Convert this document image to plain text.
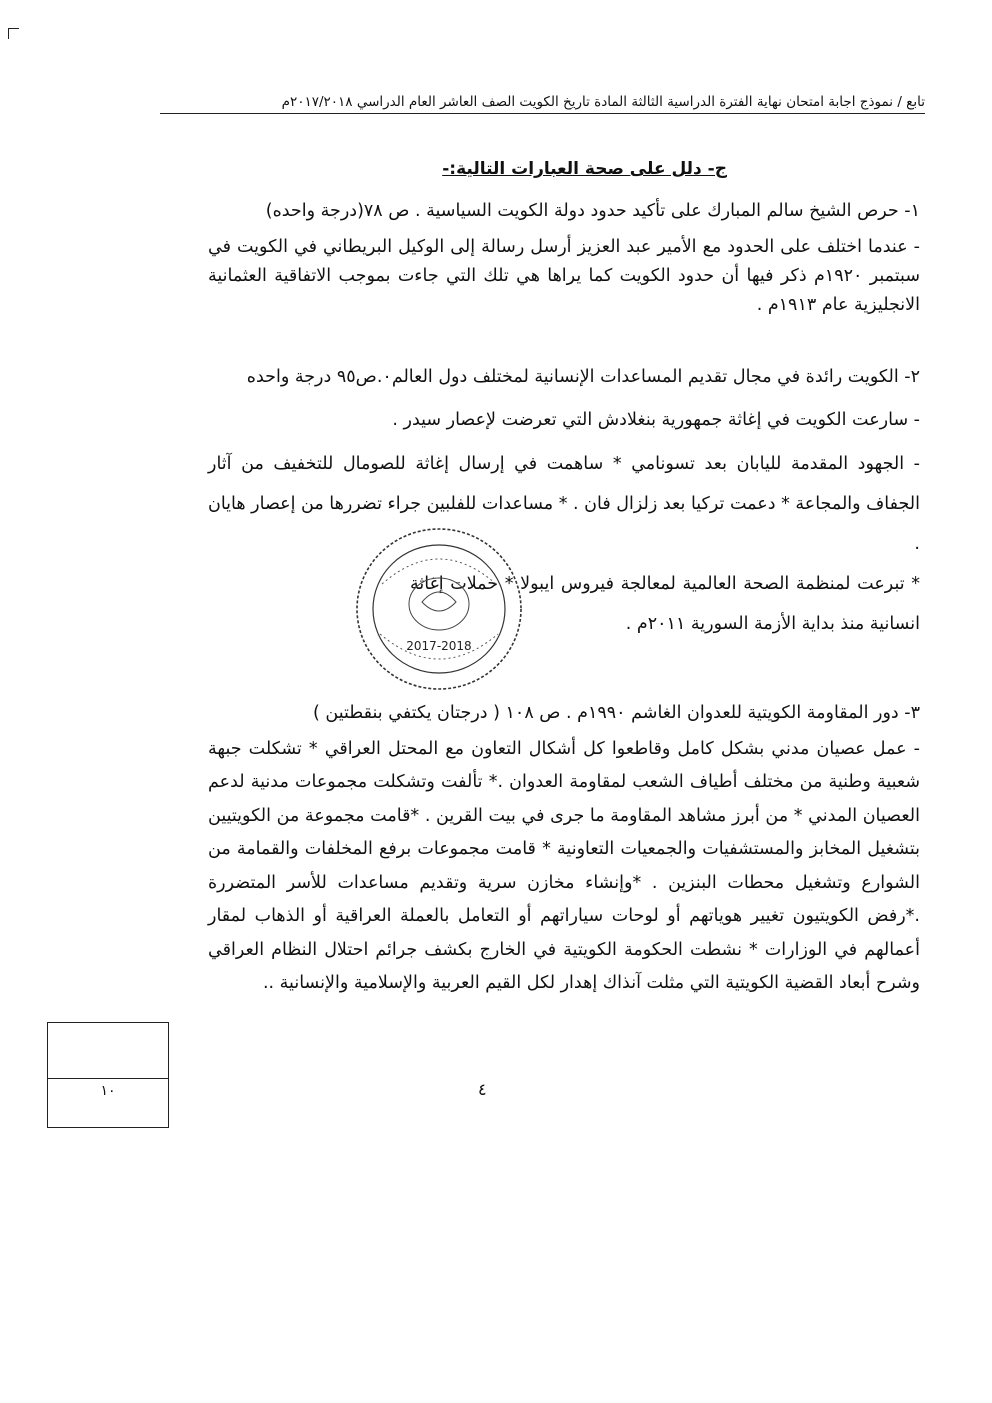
تابع / نموذج اجابة امتحان نهاية الفترة الدراسية الثالثة المادة تاريخ الكويت الصف العاشر العام الدراسي ٢٠١٧/٢٠١٨م
ج- دلل على صحة العبارات التالية:-

١- حرص الشيخ سالم المبارك على تأكيد حدود دولة الكويت السياسية . ص ٧٨(درجة واحده)

- عندما اختلف على الحدود مع الأمير عبد العزيز أرسل رسالة إلى الوكيل البريطاني في الكويت في سبتمبر ١٩٢٠م ذكر فيها أن حدود الكويت كما يراها هي تلك التي جاءت بموجب الاتفاقية العثمانية الانجليزية عام ١٩١٣م .

٢- الكويت رائدة في مجال تقديم المساعدات الإنسانية لمختلف دول العالم٠.ص٩٥ درجة واحده

- سارعت الكويت في إغاثة جمهورية بنغلادش التي تعرضت لإعصار سيدر .

- الجهود المقدمة لليابان بعد تسونامي * ساهمت في إرسال إغاثة للصومال للتخفيف من آثار الجفاف والمجاعة * دعمت تركيا بعد زلزال فان . * مساعدات للفلبين جراء تضررها من إعصار هايان .

* تبرعت لمنظمة الصحة العالمية لمعالجة فيروس ايبولا * حملات إغاثة انسانية منذ بداية الأزمة السورية ٢٠١١م .

2017-2018

٣- دور المقاومة الكويتية للعدوان الغاشم ١٩٩٠م . ص ١٠٨ ( درجتان يكتفي بنقطتين )

- عمل عصيان مدني بشكل كامل وقاطعوا كل أشكال التعاون مع المحتل العراقي * تشكلت جبهة شعبية وطنية من مختلف أطياف الشعب لمقاومة العدوان .* تألفت وتشكلت مجموعات مدنية لدعم العصيان المدني * من أبرز مشاهد المقاومة ما جرى في بيت القرين . *قامت مجموعة من الكويتيين بتشغيل المخابز والمستشفيات والجمعيات التعاونية * قامت مجموعات برفع المخلفات والقمامة من الشوارع وتشغيل محطات البنزين . *وإنشاء مخازن سرية وتقديم مساعدات للأسر المتضررة .*رفض الكويتيون تغيير هوياتهم أو لوحات سياراتهم أو التعامل بالعملة العراقية أو الذهاب لمقار أعمالهم في الوزارات * نشطت الحكومة الكويتية في الخارج بكشف جرائم احتلال النظام العراقي وشرح أبعاد القضية الكويتية التي مثلت آنذاك إهدار لكل القيم العربية والإسلامية والإنسانية ..

١٠	٤
